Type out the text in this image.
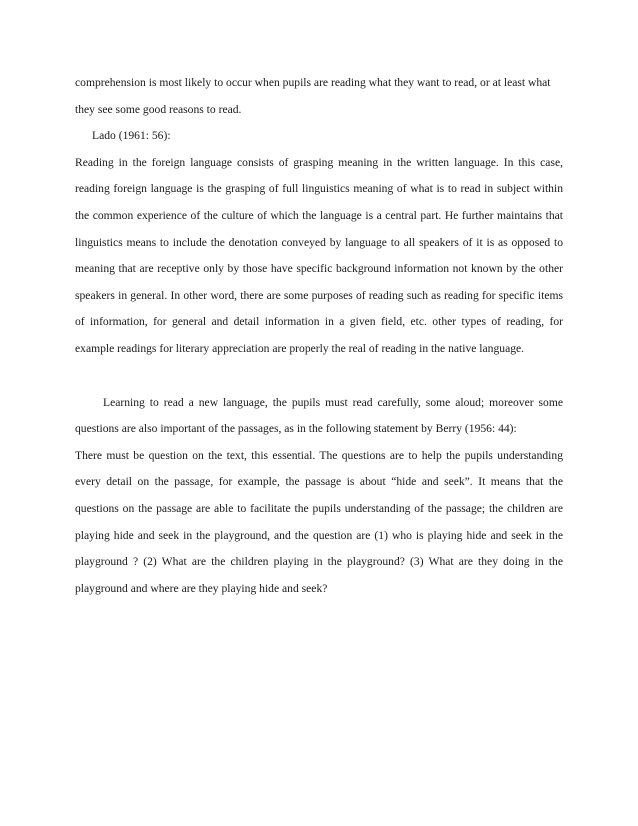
comprehension is most likely to occur when pupils are reading what they want to read, or at least what they see some good reasons to read.

Lado (1961: 56):

Reading in the foreign language consists of grasping meaning in the written language. In this case, reading foreign language is the grasping of full linguistics meaning of what is to read in subject within the common experience of the culture of which the language is a central part. He further maintains that linguistics means to include the denotation conveyed by language to all speakers of it is as opposed to meaning that are receptive only by those have specific background information not known by the other speakers in general. In other word, there are some purposes of reading such as reading for specific items of information, for general and detail information in a given field, etc. other types of reading, for example readings for literary appreciation are properly the real of reading in the native language.

Learning to read a new language, the pupils must read carefully, some aloud; moreover some questions are also important of the passages, as in the following statement by Berry (1956: 44):

There must be question on the text, this essential. The questions are to help the pupils understanding every detail on the passage, for example, the passage is about “hide and seek”. It means that the questions on the passage are able to facilitate the pupils understanding of the passage; the children are playing hide and seek in the playground, and the question are (1) who is playing hide and seek in the playground ? (2) What are the children playing in the playground? (3) What are they doing in the playground and where are they playing hide and seek?
